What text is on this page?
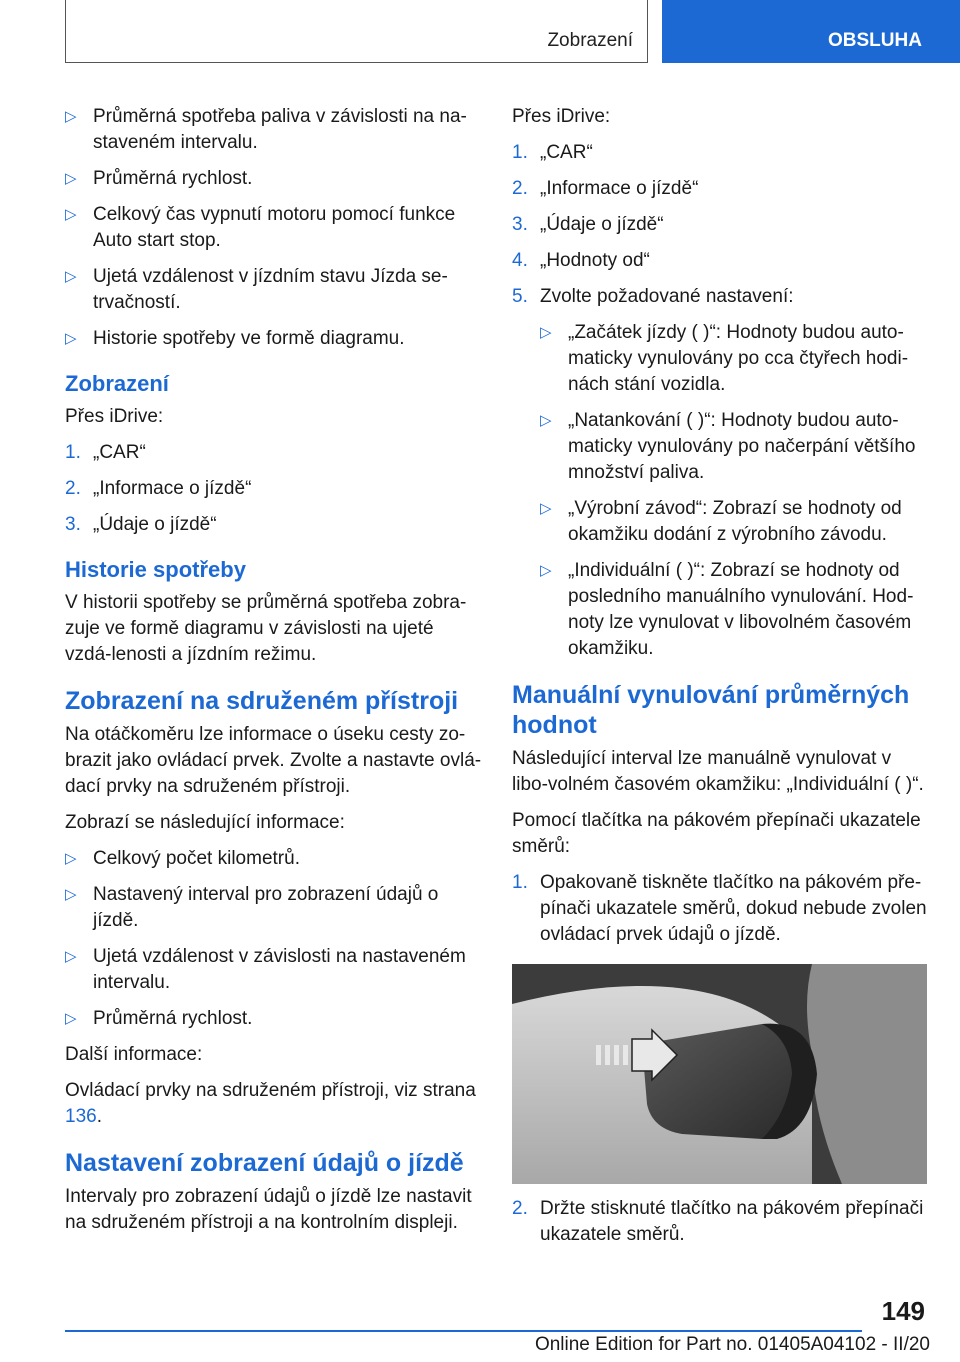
Zobrazení	OBSLUHA
▷ Průměrná spotřeba paliva v závislosti na na-staveném intervalu.
▷ Průměrná rychlost.
▷ Celkový čas vypnutí motoru pomocí funkce Auto start stop.
▷ Ujetá vzdálenost v jízdním stavu Jízda se-trvačností.
▷ Historie spotřeby ve formě diagramu.
Zobrazení
Přes iDrive:
1. „CAR“
2. „Informace o jízdě“
3. „Údaje o jízdě“
Historie spotřeby
V historii spotřeby se průměrná spotřeba zobra-zuje ve formě diagramu v závislosti na ujeté vzdá-lenosti a jízdním režimu.
Zobrazení na sdruženém přístroji
Na otáčkoměru lze informace o úseku cesty zo-brazit jako ovládací prvek. Zvolte a nastavte ovlá-dací prvky na sdruženém přístroji.
Zobrazí se následující informace:
▷ Celkový počet kilometrů.
▷ Nastavený interval pro zobrazení údajů o jízdě.
▷ Ujetá vzdálenost v závislosti na nastaveném intervalu.
▷ Průměrná rychlost.
Další informace:
Ovládací prvky na sdruženém přístroji, viz strana 136.
Nastavení zobrazení údajů o jízdě
Intervaly pro zobrazení údajů o jízdě lze nastavit na sdruženém přístroji a na kontrolním displeji.
Přes iDrive:
1. „CAR“
2. „Informace o jízdě“
3. „Údaje o jízdě“
4. „Hodnoty od“
5. Zvolte požadované nastavení:
▷ „Začátek jízdy ( )“: Hodnoty budou auto-maticky vynulovány po cca čtyřech hodi-nách stání vozidla.
▷ „Natankování ( )“: Hodnoty budou auto-maticky vynulovány po načerpání většího množství paliva.
▷ „Výrobní závod“: Zobrazí se hodnoty od okamžiku dodání z výrobního závodu.
▷ „Individuální ( )“: Zobrazí se hodnoty od posledního manuálního vynulování. Hod-noty lze vynulovat v libovolném časovém okamžiku.
Manuální vynulování průměrných hodnot
Následující interval lze manuálně vynulovat v libo-volném časovém okamžiku: „Individuální ( )“.
Pomocí tlačítka na pákovém přepínači ukazatele směrů:
1. Opakovaně tiskněte tlačítko na pákovém pře-pínači ukazatele směrů, dokud nebude zvolen ovládací prvek údajů o jízdě.
2. Držte stisknuté tlačítko na pákovém přepínači ukazatele směrů.
149
Online Edition for Part no. 01405A04102 - II/20
